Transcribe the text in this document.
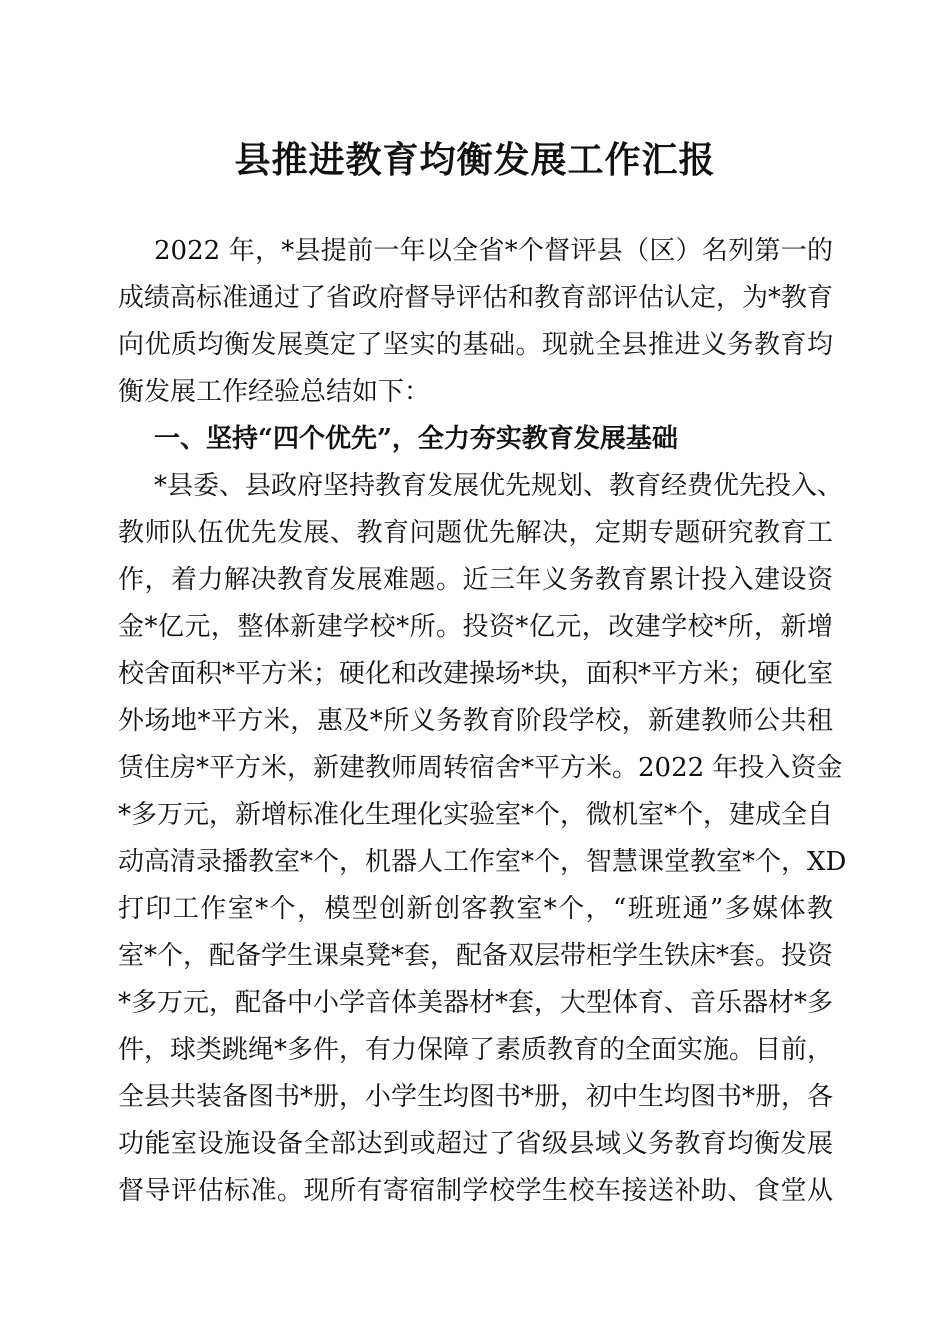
县推进教育均衡发展工作汇报
2022 年，*县提前一年以全省*个督评县（区）名列第一的
成绩高标准通过了省政府督导评估和教育部评估认定，为*教育
向优质均衡发展奠定了坚实的基础。现就全县推进义务教育均
衡发展工作经验总结如下：
一、坚持“四个优先”，全力夯实教育发展基础
*县委、县政府坚持教育发展优先规划、教育经费优先投入、
教师队伍优先发展、教育问题优先解决，定期专题研究教育工
作，着力解决教育发展难题。近三年义务教育累计投入建设资
金*亿元，整体新建学校*所。投资*亿元，改建学校*所，新增
校舍面积*平方米；硬化和改建操场*块，面积*平方米；硬化室
外场地*平方米，惠及*所义务教育阶段学校，新建教师公共租
赁住房*平方米，新建教师周转宿舍*平方米。2022 年投入资金
*多万元，新增标准化生理化实验室*个，微机室*个，建成全自
动高清录播教室*个，机器人工作室*个，智慧课堂教室*个，XD
打印工作室*个，模型创新创客教室*个，“班班通”多媒体教
室*个，配备学生课桌凳*套，配备双层带柜学生铁床*套。投资
*多万元，配备中小学音体美器材*套，大型体育、音乐器材*多
件，球类跳绳*多件，有力保障了素质教育的全面实施。目前，
全县共装备图书*册，小学生均图书*册，初中生均图书*册，各
功能室设施设备全部达到或超过了省级县域义务教育均衡发展
督导评估标准。现所有寄宿制学校学生校车接送补助、食堂从
